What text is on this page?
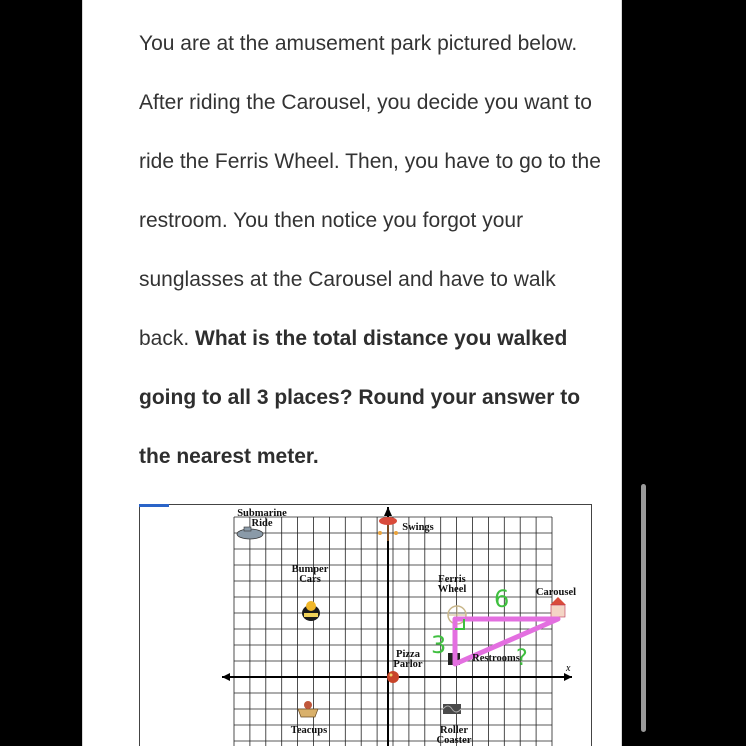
You are at the amusement park pictured below. After riding the Carousel, you decide you want to ride the Ferris Wheel. Then, you have to go to the restroom. You then notice you forgot your sunglasses at the Carousel and have to walk back. What is the total distance you walked going to all 3 places? Round your answer to the nearest meter.

x
6
3	?
Submarine Ride	Swings
Bumper Cars	Ferris Wheel	Carousel
Pizza Parlor
Restrooms
Teacups	Roller Coaster
